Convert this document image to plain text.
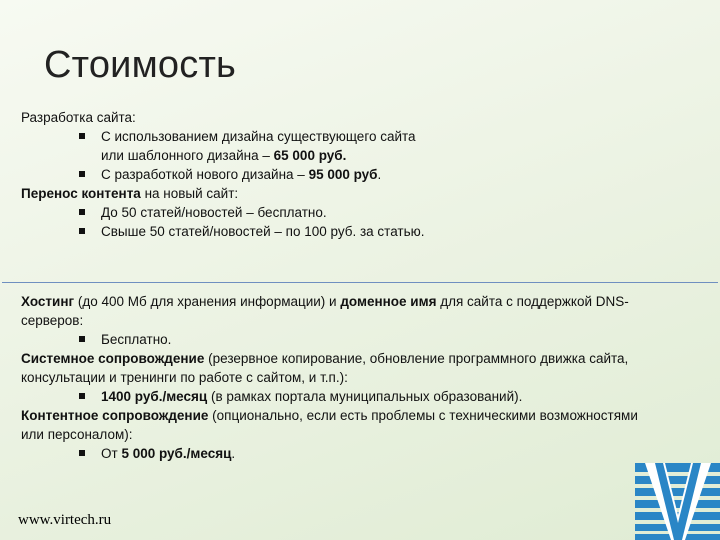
Стоимость

Разработка сайта:

С использованием дизайна существующего сайта
или шаблонного дизайна – 65 000 руб.

С разработкой нового дизайна – 95 000 руб.

Перенос контента на новый сайт:

До 50 статей/новостей – бесплатно.

Свыше 50 статей/новостей – по 100 руб. за статью.

Хостинг (до 400 Мб для хранения информации) и доменное имя для сайта с поддержкой DNS-
серверов:

Бесплатно.

Системное сопровождение (резервное копирование, обновление программного движка сайта,
консультации и тренинги по работе с сайтом, и т.п.):

1400 руб./месяц (в рамках портала муниципальных образований).

Контентное сопровождение (опционально, если есть проблемы с техническими возможностями
или персоналом):

От 5 000 руб./месяц.

www.virtech.ru
